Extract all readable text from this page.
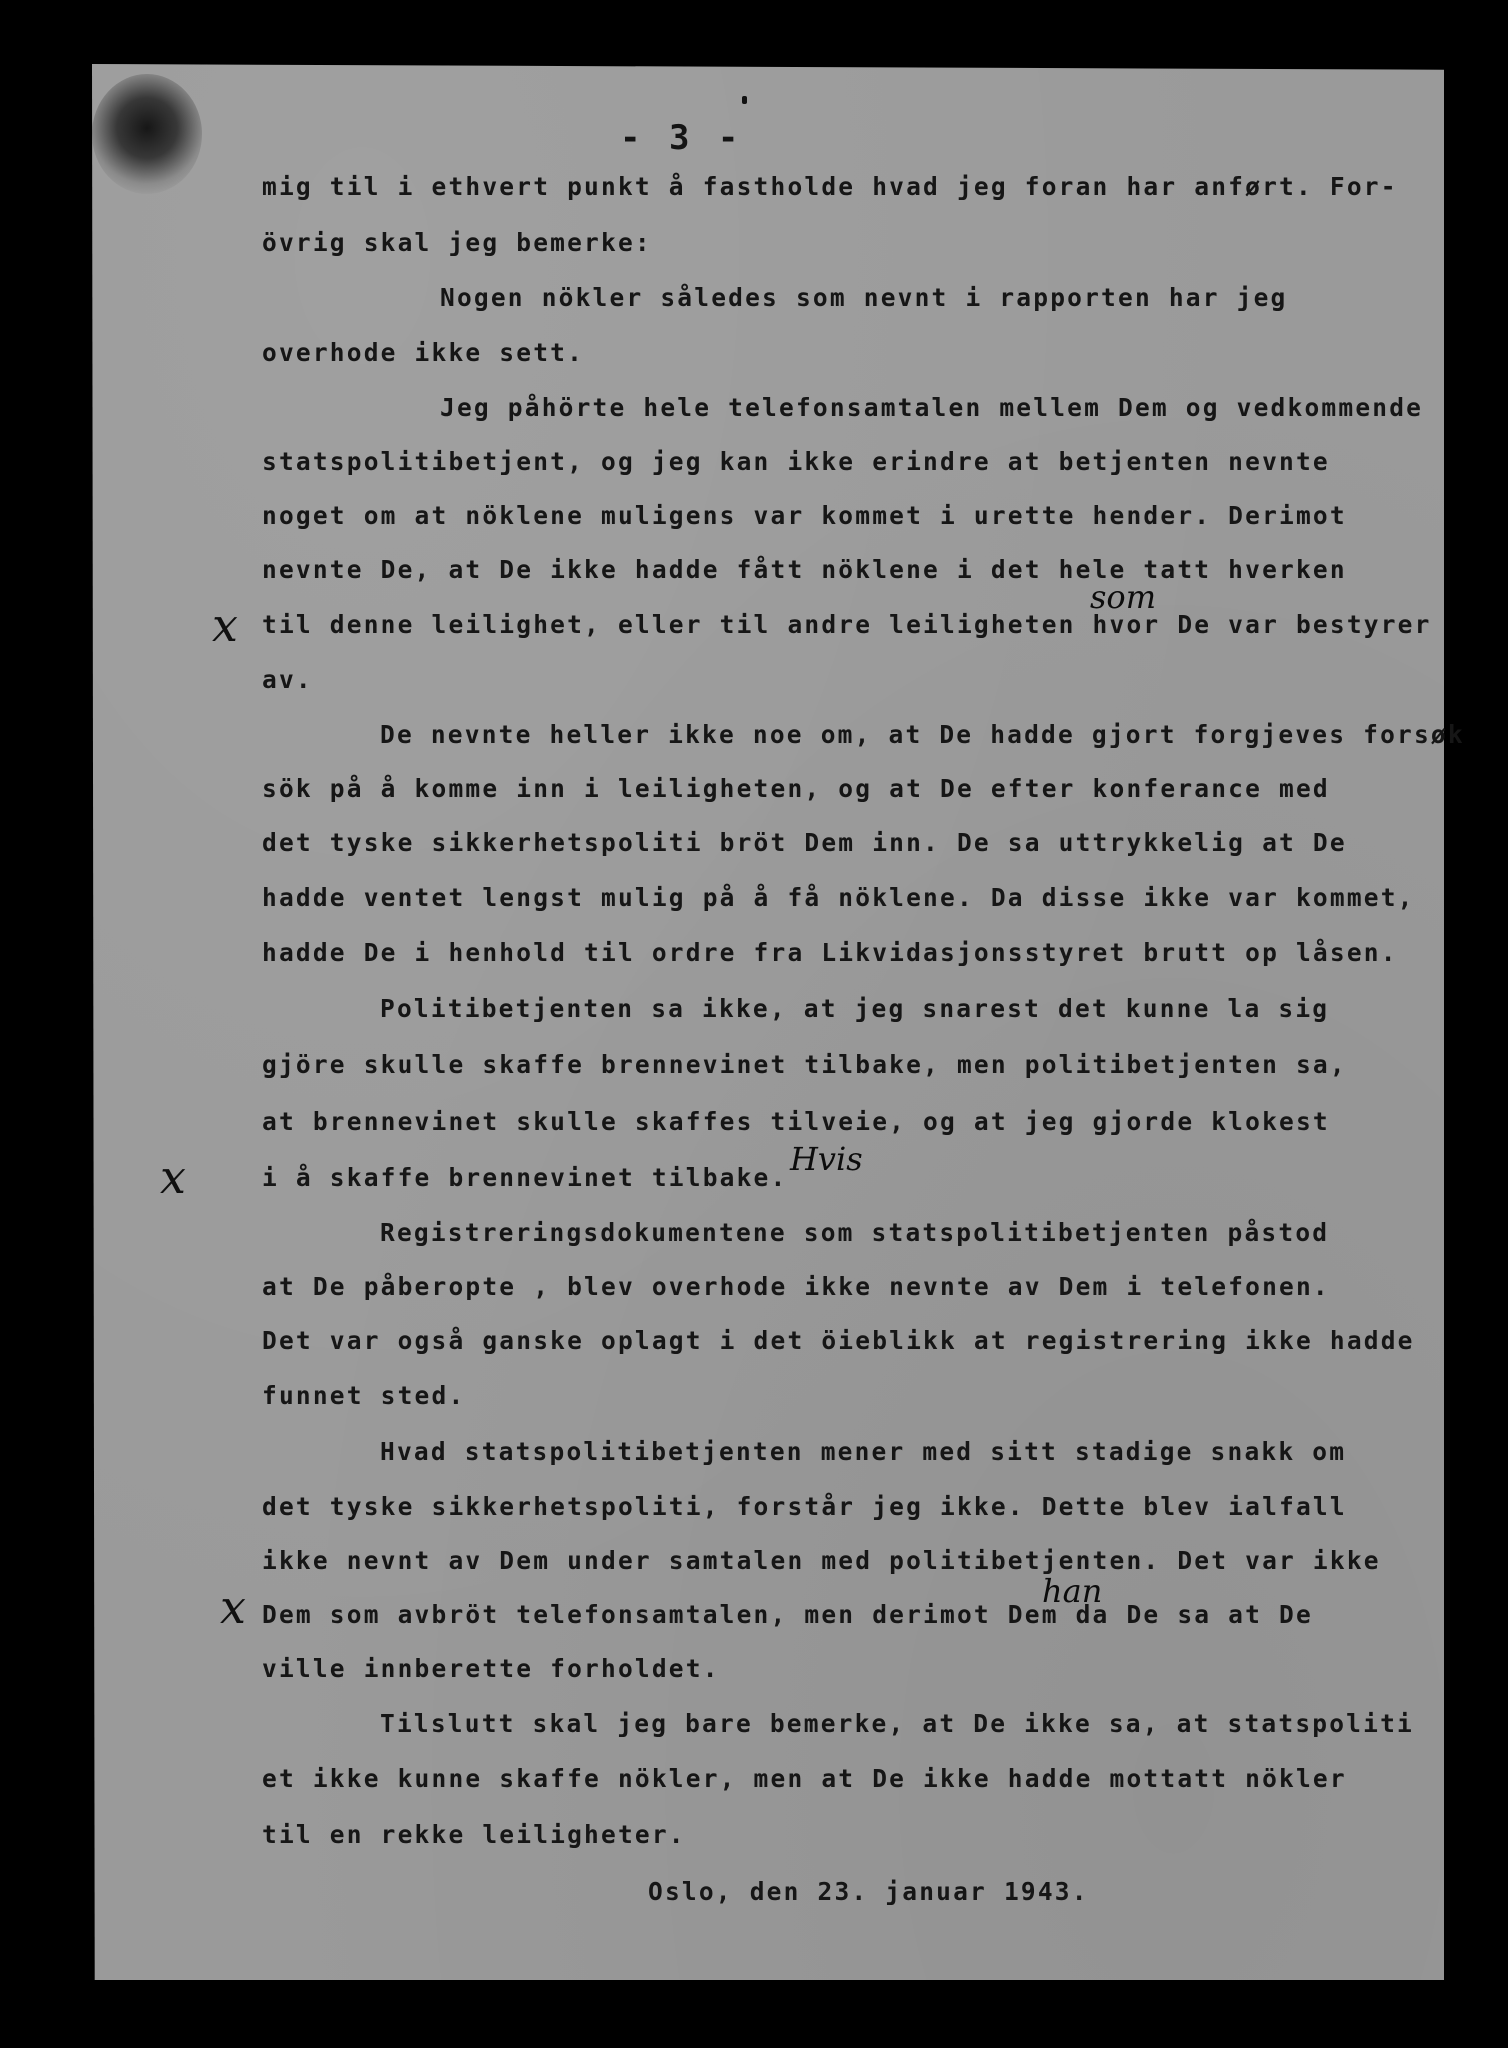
- 3 -
mig til i ethvert punkt å fastholde hvad jeg foran har anført. For-
övrig skal jeg bemerke:
Nogen nökler således som nevnt i rapporten har jeg
overhode ikke sett.
Jeg påhörte hele telefonsamtalen mellem Dem og vedkommende
statspolitibetjent, og jeg kan ikke erindre at betjenten nevnte
noget om at nöklene muligens var kommet i urette hender. Derimot
nevnte De, at De ikke hadde fått nöklene i det hele tatt hverken
til denne leilighet, eller til andre leiligheten hvor De var bestyrer
av.
De nevnte heller ikke noe om, at De hadde gjort forgjeves forsøk
sök på å komme inn i leiligheten, og at De efter konferance med
det tyske sikkerhetspoliti bröt Dem inn. De sa uttrykkelig at De
hadde ventet lengst mulig på å få nöklene. Da disse ikke var kommet,
hadde De i henhold til ordre fra Likvidasjonsstyret brutt op låsen.
Politibetjenten sa ikke, at jeg snarest det kunne la sig
gjöre skulle skaffe brennevinet tilbake, men politibetjenten sa,
at brennevinet skulle skaffes tilveie, og at jeg gjorde klokest
i å skaffe brennevinet tilbake.
Registreringsdokumentene som statspolitibetjenten påstod
at De påberopte , blev overhode ikke nevnte av Dem i telefonen.
Det var også ganske oplagt i det öieblikk at registrering ikke hadde
funnet sted.
Hvad statspolitibetjenten mener med sitt stadige snakk om
det tyske sikkerhetspoliti, forstår jeg ikke. Dette blev ialfall
ikke nevnt av Dem under samtalen med politibetjenten. Det var ikke
Dem som avbröt telefonsamtalen, men derimot Dem da De sa at De
ville innberette forholdet.
Tilslutt skal jeg bare bemerke, at De ikke sa, at statspoliti
et ikke kunne skaffe nökler, men at De ikke hadde mottatt nökler
til en rekke leiligheter.
Oslo, den 23. januar 1943.
som
Hvis
han
x
x
x
